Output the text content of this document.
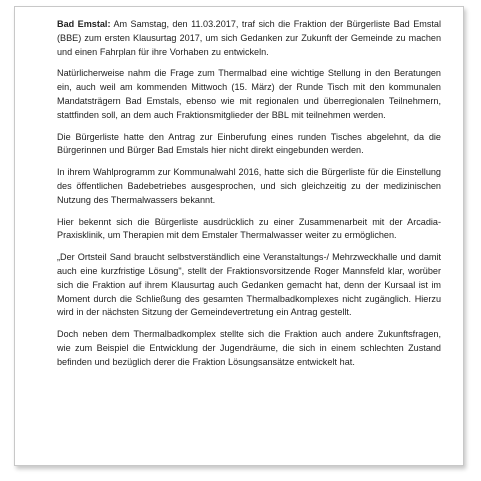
Bad Emstal: Am Samstag, den 11.03.2017, traf sich die Fraktion der Bürgerliste Bad Emstal (BBE) zum ersten Klausurtag 2017, um sich Gedanken zur Zukunft der Gemeinde zu machen und einen Fahrplan für ihre Vorhaben zu entwickeln.

Natürlicherweise nahm die Frage zum Thermalbad eine wichtige Stellung in den Beratungen ein, auch weil am kommenden Mittwoch (15. März) der Runde Tisch mit den kommunalen Mandatsträgern Bad Emstals, ebenso wie mit regionalen und überregionalen Teilnehmern, stattfinden soll, an dem auch Fraktionsmitglieder der BBL mit teilnehmen werden.

Die Bürgerliste hatte den Antrag zur Einberufung eines runden Tisches abgelehnt, da die Bürgerinnen und Bürger Bad Emstals hier nicht direkt eingebunden werden.

In ihrem Wahlprogramm zur Kommunalwahl 2016, hatte sich die Bürgerliste für die Einstellung des öffentlichen Badebetriebes ausgesprochen, und sich gleichzeitig zu der medizinischen Nutzung des Thermalwassers bekannt.

Hier bekennt sich die Bürgerliste ausdrücklich zu einer Zusammenarbeit mit der Arcadia-Praxisklinik, um Therapien mit dem Emstaler Thermalwasser weiter zu ermöglichen.

„Der Ortsteil Sand braucht selbstverständlich eine Veranstaltungs-/ Mehrzweckhalle und damit auch eine kurzfristige Lösung", stellt der Fraktionsvorsitzende Roger Mannsfeld klar, worüber sich die Fraktion auf ihrem Klausurtag auch Gedanken gemacht hat, denn der Kursaal ist im Moment durch die Schließung des gesamten Thermalbadkomplexes nicht zugänglich. Hierzu wird in der nächsten Sitzung der Gemeindevertretung ein Antrag gestellt.

Doch neben dem Thermalbadkomplex stellte sich die Fraktion auch andere Zukunftsfragen, wie zum Beispiel die Entwicklung der Jugendräume, die sich in einem schlechten Zustand befinden und bezüglich derer die Fraktion Lösungsansätze entwickelt hat.
